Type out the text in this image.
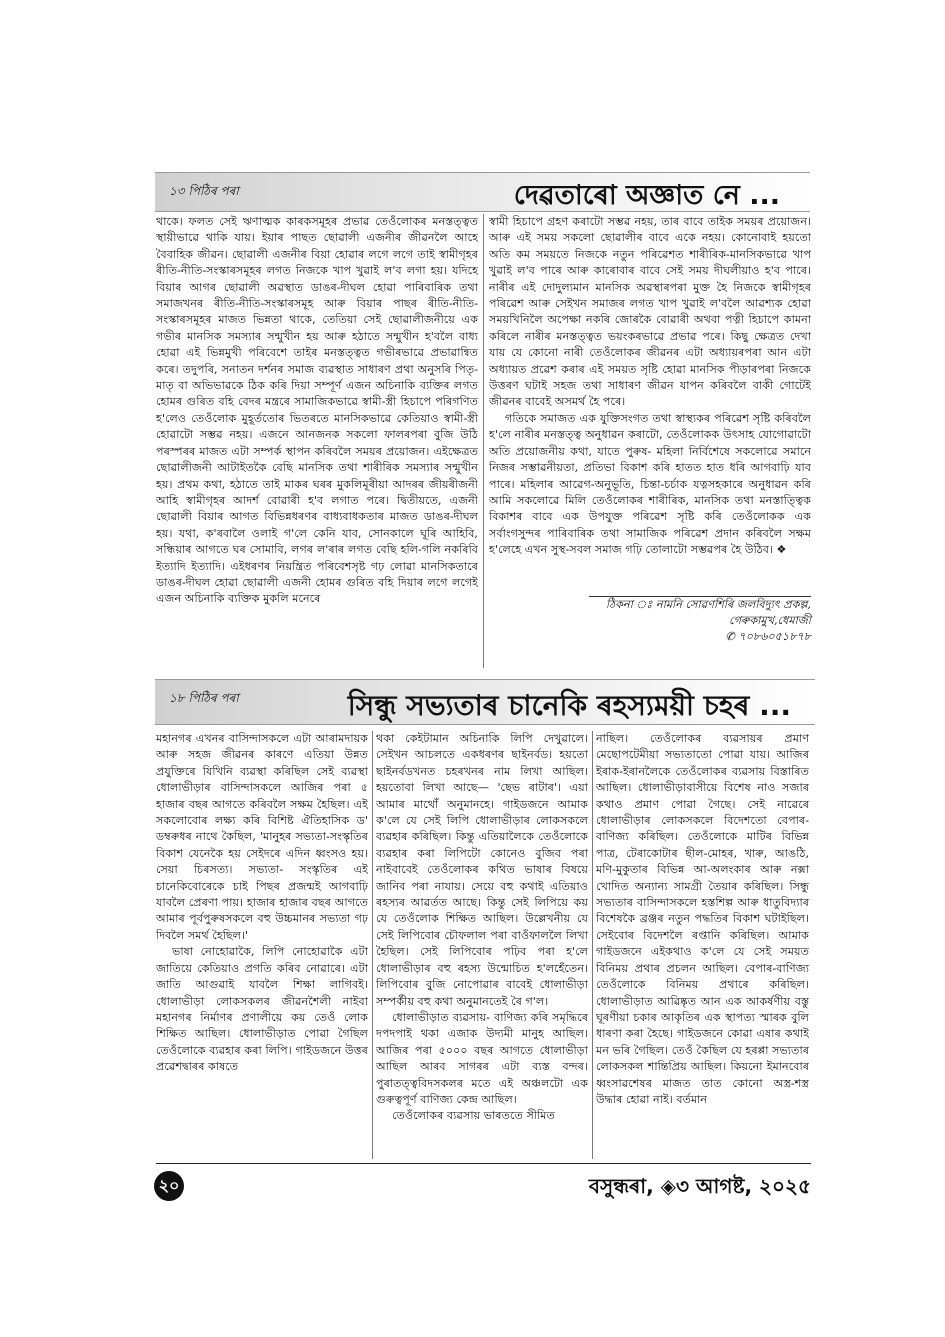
১৩ পিঠিৰ পৰা	দেৱতাৰো অজ্ঞাত নে ...

থাকে। ফলত সেই ঋণাত্মক কাৰকসমূহৰ প্ৰভাৱ তেওঁলোকৰ মনস্তত্ত্বত স্থায়ীভাৱে থাকি যায়। ইয়াৰ পাছত ছোৱালী এজনীৰ জীৱনলৈ আহে বৈবাহিক জীৱন। ছোৱালী এজনীৰ বিয়া হোৱাৰ লগে লগে তাই স্বামীগৃহৰ ৰীতি-নীতি-সংস্কাৰসমূহৰ লগত নিজকে খাপ খুৱাই ল'ব লগা হয়। যদিহে বিয়াৰ আগৰ ছোৱালী অৱস্থাত ডাঙৰ-দীঘল হোৱা পাৰিবাৰিক তথা সমাজখনৰ ৰীতি-নীতি-সংস্কাৰসমূহ আৰু বিয়াৰ পাছৰ ৰীতি-নীতি-সংস্কাৰসমূহৰ মাজত ভিন্নতা থাকে, তেতিয়া সেই ছোৱালীজনীয়ে এক গভীৰ মানসিক সমস্যাৰ সন্মুখীন হয় আৰু হঠাতে সন্মুখীন হ'বলৈ বাধ্য হোৱা এই ভিন্নমুখী পৰিবেশে তাইৰ মনস্তত্ত্বত গভীৰভাৱে প্ৰভাৱান্বিত কৰে। তদুপৰি, সনাতন দৰ্শনৰ সমাজ ব্যৱস্থাত সাধাৰণ প্ৰথা অনুসৰি পিতৃ-মাতৃ বা অভিভাৱকে ঠিক কৰি দিয়া সম্পূৰ্ণ এজন অচিনাকি ব্যক্তিৰ লগত হোমৰ গুৰিত বহি বেদৰ মন্ত্ৰৰে সামাজিকভাৱে স্বামী-স্ত্ৰী হিচাপে পৰিগণিত হ'লেও তেওঁলোক মুহূৰ্ততোৰ ভিতৰতে মানসিকভাৱে কেতিয়াও স্বামী-স্ত্ৰী হোৱাটো সম্ভৱ নহয়। এজনে আনজনক সকলো ফালৰপৰা বুজি উঠি পৰস্পৰৰ মাজত এটা সম্পৰ্ক স্থাপন কৰিবলৈ সময়ৰ প্ৰয়োজন। এইক্ষেত্ৰত ছোৱালীজনী আটাইতকৈ বেছি মানসিক তথা শাৰীৰিক সমস্যাৰ সন্মুখীন হয়। প্ৰথম কথা, হঠাতে তাই মাকৰ ঘৰৰ মুকলিমূৰীয়া আদৰৰ জীয়ৰীজনী আহি স্বামীগৃহৰ আদৰ্শ বোৱাৰী হ'ব লগাত পৰে। দ্বিতীয়তে, এজনী ছোৱালী বিয়াৰ আগত বিভিন্নধৰণৰ বাধ্যবাধকতাৰ মাজত ডাঙৰ-দীঘল হয়। যথা, ক'ৰবালৈ ওলাই গ'লে কেনি যাব, সোনকালে ঘূৰি আহিবি, সন্ধিয়াৰ আগতে ঘৰ সোমাবি, লগৰ ল'ৰাৰ লগত বেছি হলি-গলি নকৰিবি ইত্যাদি ইত্যাদি। এইধৰণৰ নিয়ন্ত্ৰিত পৰিবেশসৃষ্ট গঢ় লোৱা মানসিকতাৰে ডাঙৰ-দীঘল হোৱা ছোৱালী এজনী হোমৰ গুৰিত বহি দিয়াৰ লগে লগেই এজন অচিনাকি ব্যক্তিক মুকলি মনেৰে

স্বামী হিচাপে গ্ৰহণ কৰাটো সম্ভৱ নহয়, তাৰ বাবে তাইক সময়ৰ প্ৰয়োজন। আৰু এই সময় সকলো ছোৱালীৰ বাবে একে নহয়। কোনোবাই হয়তো অতি কম সময়তে নিজকে নতুন পৰিৱেশত শাৰীৰিক-মানসিকভাৱে খাপ খুৱাই ল'ব পাৰে আৰু কাৰোবাৰ বাবে সেই সময় দীঘলীয়াও হ'ব পাৰে। নাৰীৰ এই দোদুল্যমান মানসিক অৱস্থাৰপৰা মুক্ত হৈ নিজকে স্বামীগৃহৰ পৰিৱেশ আৰু সেইখন সমাজৰ লগত খাপ খুৱাই ল'বলৈ আৱশ্যক হোৱা সময়খিনিলৈ অপেক্ষা নকৰি জোৰকৈ বোৱাৰী অথবা পত্নী হিচাপে কামনা কৰিলে নাৰীৰ মনস্তত্ত্বত ভয়ংকৰভাৱে প্ৰভাৱ পৰে। কিছু ক্ষেত্ৰত দেখা যায় যে কোনো নাৰী তেওঁলোকৰ জীৱনৰ এটা অধ্যায়ৰপৰা আন এটা অধ্যায়ত প্ৰৱেশ কৰাৰ এই সময়ত সৃষ্টি হোৱা মানসিক পীড়াৰপৰা নিজকে উত্তৰণ ঘটাই সহজ তথা সাধাৰণ জীৱন যাপন কৰিবলৈ বাকী গোটেই জীৱনৰ বাবেই অসমৰ্থ হৈ পৰে।

গতিকে সমাজত এক যুক্তিসংগত তথা স্বাস্থ্যকৰ পৰিৱেশ সৃষ্টি কৰিবলৈ হ'লে নাৰীৰ মনস্তত্ত্ব অনুধাৱন কৰাটো, তেওঁলোকক উৎসাহ যোগোৱাটো অতি প্ৰয়োজনীয় কথা, যাতে পুৰুষ- মহিলা নিৰ্বিশেষে সকলোৱে সমানে নিজৰ সম্ভাৱনীয়তা, প্ৰতিভা বিকাশ কৰি হাতত হাত ধৰি আগবাঢ়ি যাব পাৰে। মহিলাৰ আৱেগ-অনুভূতি, চিন্তা-চৰ্চাক যত্নসহকাৰে অনুধাৱন কৰি আমি সকলোৱে মিলি তেওঁলোকৰ শাৰীৰিক, মানসিক তথা মনস্তাত্ত্বিক বিকাশৰ বাবে এক উপযুক্ত পৰিৱেশ সৃষ্টি কৰি তেওঁলোকক এক সৰ্বাংগসুন্দৰ পাৰিবাৰিক তথা সামাজিক পৰিৱেশ প্ৰদান কৰিবলৈ সক্ষম হ'লেহে এখন সুস্থ-সবল সমাজ গঢ়ি তোলাটো সম্ভৱপৰ হৈ উঠিব। ❖

ঠিকনা ঃ নামনি সোৱণশিৰি জলবিদ্যুৎ প্ৰকল্প,
গেৰুকামুখ,ধেমাজী
✆ ৭০৮৬০৫১৮৭৮
১৮ পিঠিৰ পৰা	সিন্ধু সভ্যতাৰ চানেকি ৰহস্যময়ী চহৰ ...

মহানগৰ এখনৰ বাসিন্দাসকলে এটা আৰামদায়ক আৰু সহজ জীৱনৰ কাৰণে এতিয়া উন্নত প্ৰযুক্তিৰে যিখিনি ব্যৱস্থা কৰিছিল সেই ব্যৱস্থা ধোলাভীড়াৰ বাসিন্দাসকলে আজিৰ পৰা ৫ হাজাৰ বছৰ আগতে কৰিবলৈ সক্ষম হৈছিল। এই সকলোবোৰ লক্ষ্য কৰি বিশিষ্ট ঐতিহাসিক ড' ডম্বৰুধৰ নাথে কৈছিল, 'মানুহৰ সভ্যতা-সংস্কৃতিৰ বিকাশ যেনেকৈ হয় সেইদৰে এদিন ধ্বংসও হয়। সেয়া চিৰসত্য। সভ্যতা- সংস্কৃতিৰ এই চানেকিবোৰেকে চাই পিছৰ প্ৰজন্মই আগবাঢ়ি যাবলৈ প্ৰেৰণা পায়। হাজাৰ হাজাৰ বছৰ আগতে আমাৰ পূৰ্বপুৰুষসকলে বহু উচ্চমানৰ সভ্যতা গঢ় দিবলৈ সমৰ্থ হৈছিল।'

ভাষা নোহোৱাকৈ, লিপি নোহোৱাকৈ এটা জাতিয়ে কেতিয়াও প্ৰগতি কৰিব নোৱাৰে। এটা জাতি আগুৱাই যাবলৈ শিক্ষা লাগিবই। ধোলাভীড়া লোকসকলৰ জীৱনশৈলী নাইবা মহানগৰ নিৰ্মাণৰ প্ৰণালীয়ে কয় তেওঁ লোক শিক্ষিত আছিল। ধোলাভীড়াত পোৱা গৈছিল তেওঁলোকে ব্যৱহাৰ কৰা লিপি। গাইডজনে উত্তৰ প্ৰৱেশদ্বাৰৰ কাষতে

থকা কেইটামান অচিনাকি লিপি দেখুৱালে। সেইখন আচলতে একধৰণৰ ছাইনৰ্বড। হয়তো ছাইনৰ্বডখনত চহৰখনৰ নাম লিখা আছিল। হয়তোবা লিখা আছে— 'ছেভ ৰাটাৰ'। এয়া আমাৰ মাথোঁ অনুমানহে। গাইডজনে আমাক ক'লে যে সেই লিপি ধোলাভীড়াৰ লোকসকলে ব্যৱহাৰ কৰিছিল। কিন্তু এতিয়ালৈকে তেওঁলোকে ব্যৱহাৰ কৰা লিপিটো কোনেও বুজিব পৰা নাইবাবেই তেওঁলোকৰ কথিত ভাষাৰ বিষয়ে জানিব পৰা নাযায়। সেয়ে বহু কথাই এতিয়াও ৰহস্যৰ আৱৰ্তত আছে। কিন্তু সেই লিপিয়ে কয় যে তেওঁলোক শিক্ষিত আছিল। উল্লেখনীয় যে সেই লিপিবোৰ চৌফলাল পৰা বাওঁফাললৈ লিখা হৈছিল। সেই লিপিবোৰ পঢ়িব পৰা হ'লে ধোলাভীড়াৰ বহু ৰহস্য উন্মোচিত হ'লহেঁতেন। লিপিবোৰ বুজি নোপোৱাৰ বাবেই ধোলাভীড়া সম্পৰ্কীয় বহু কথা অনুমানতেই ৰৈ গ'ল।

ধোলাভীড়াত ব্যৱসায়- বাণিজ্য কৰি সমৃদ্ধিৰে দপদপাই থকা এজাক উদ্যমী মানুহ আছিল। আজিৰ পৰা ৫০০০ বছৰ আগতে ধোলাভীড়া আছিল আৰব সাগৰৰ এটা ব্যস্ত বন্দৰ। পুৰাতত্ত্ববিদসকলৰ মতে এই অঞ্চলটো এক গুৰুত্বপূৰ্ণ বাণিজ্য কেন্দ্ৰ আছিল।

তেওঁলোকৰ ব্যৱসায় ভাৰততে সীমিত

নাছিল। তেওঁলোকৰ ব্যৱসায়ৰ প্ৰমাণ মেছোপটেমীয়া সভ্যতাতো পোৱা যায়। আজিৰ ইৰাক-ইৰানলৈকে তেওঁলোকৰ ব্যৱসায় বিস্তাৰিত আছিল। ধোলাভীড়াবাসীয়ে বিশেষ নাও সজাৰ কথাও প্ৰমাণ পোৱা গৈছে। সেই নাৱেৰে ধোলাভীড়াৰ লোকসকলে বিদেশতো বেপাৰ-বাণিজ্য কৰিছিল। তেওঁলোকে মাটিৰ বিভিন্ন পাত্ৰ, টেৰাকোটাৰ ছীল-মোহৰ, খাৰু, আঙঠি, মণি-মুকুতাৰ বিভিন্ন আ-অলংকাৰ আৰু নক্সা খোদিত অন্যান্য সামগ্ৰী তৈয়াৰ কৰিছিল। সিন্ধু সভ্যতাৰ বাসিন্দাসকলে হস্তশিল্প আৰু ধাতুবিদ্যাৰ বিশেষকৈ ব্ৰঞ্জৰ নতুন পদ্ধতিৰ বিকাশ ঘটাইছিল। সেইবোৰ বিদেশলৈ ৰপ্তানি কৰিছিল। আমাক গাইডজনে এইকথাও ক'লে যে সেই সময়ত বিনিময় প্ৰথাৰ প্ৰচলন আছিল। বেপাৰ-বাণিজ্য তেওঁলোকে বিনিময় প্ৰথাৰে কৰিছিল। ধোলাভীড়াত আৱিষ্কৃত আন এক আকৰ্ষণীয় বস্তু ঘূৰণীয়া চকাৰ আকৃতিৰ এক স্থাপত্য স্মাৰক বুলি ধাৰণা কৰা হৈছে। গাইডজনে কোৱা এষাৰ কথাই মন ভৰি গৈছিল। তেওঁ কৈছিল যে হৰপ্পা সভ্যতাৰ লোকসকল শান্তিপ্ৰিয় আছিল। কিয়নো ইমানবোৰ ধ্বংসাৱশেষৰ মাজত তাত কোনো অস্ত্ৰ-শস্ত্ৰ উদ্ধাৰ হোৱা নাই। বৰ্তমান

২০	বসুন্ধৰা, ◈৩ আগষ্ট, ২০২৫
